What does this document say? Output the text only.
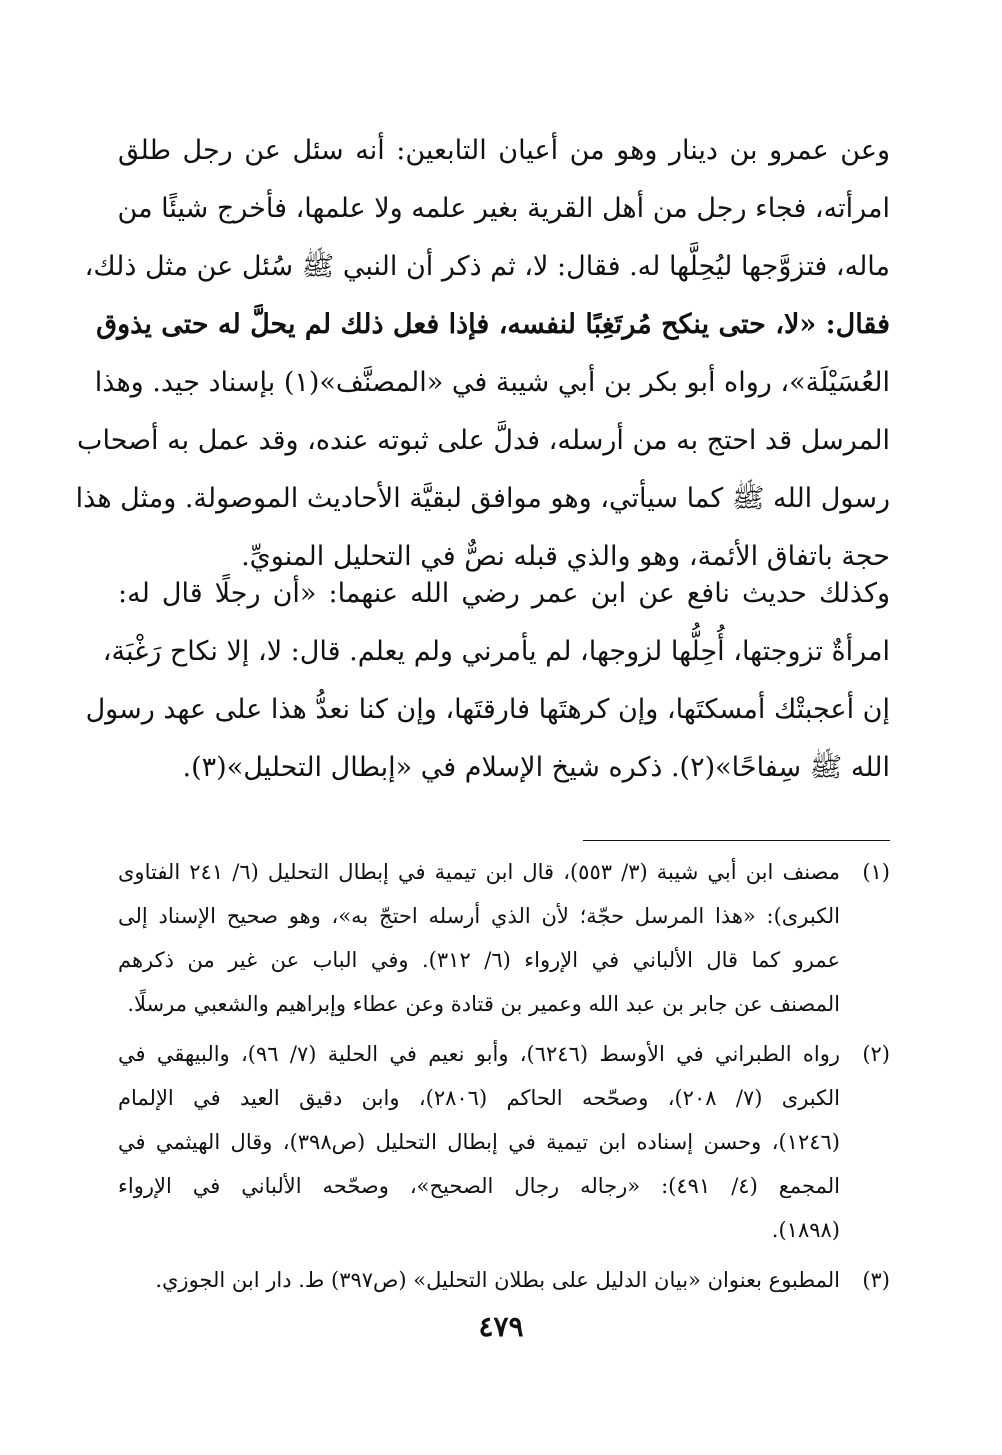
وعن عمرو بن دينار وهو من أعيان التابعين: أنه سئل عن رجل طلق
امرأته، فجاء رجل من أهل القرية بغير علمه ولا علمها، فأخرج شيئًا من
ماله، فتزوَّجها ليُحِلَّها له. فقال: لا، ثم ذكر أن النبي ﷺ سُئل عن مثل ذلك،
فقال: «لا، حتى ينكح مُرتَغِبًا لنفسه، فإذا فعل ذلك لم يحلَّ له حتى يذوق
العُسَيْلَة»، رواه أبو بكر بن أبي شيبة في «المصنَّف»(١) بإسناد جيد. وهذا
المرسل قد احتج به من أرسله، فدلَّ على ثبوته عنده، وقد عمل به أصحاب
رسول الله ﷺ كما سيأتي، وهو موافق لبقيَّة الأحاديث الموصولة. ومثل هذا
حجة باتفاق الأئمة، وهو والذي قبله نصٌّ في التحليل المنويِّ.
وكذلك حديث نافع عن ابن عمر رضي الله عنهما: «أن رجلًا قال له:
امرأةٌ تزوجتها، أُحِلُّها لزوجها، لم يأمرني ولم يعلم. قال: لا، إلا نكاح رَغْبَة،
إن أعجبتْك أمسكتَها، وإن كرهتَها فارقتَها، وإن كنا نعدُّ هذا على عهد رسول
الله ﷺ سِفاحًا»(٢). ذكره شيخ الإسلام في «إبطال التحليل»(٣).
(١)
مصنف ابن أبي شيبة (٣/ ٥٥٣)، قال ابن تيمية في إبطال التحليل (٦/ ٢٤١ الفتاوى
الكبرى): «هذا المرسل حجّة؛ لأن الذي أرسله احتجّ به»، وهو صحيح الإسناد إلى
عمرو كما قال الألباني في الإرواء (٦/ ٣١٢). وفي الباب عن غير من ذكرهم
المصنف عن جابر بن عبد الله وعمير بن قتادة وعن عطاء وإبراهيم والشعبي مرسلًا.
(٢)
رواه الطبراني في الأوسط (٦٢٤٦)، وأبو نعيم في الحلية (٧/ ٩٦)، والبيهقي في
الكبرى (٧/ ٢٠٨)، وصحّحه الحاكم (٢٨٠٦)، وابن دقيق العيد في الإلمام
(١٢٤٦)، وحسن إسناده ابن تيمية في إبطال التحليل (ص٣٩٨)، وقال الهيثمي في
المجمع (٤/ ٤٩١): «رجاله رجال الصحيح»، وصحّحه الألباني في الإرواء
(١٨٩٨).
(٣)
المطبوع بعنوان «بيان الدليل على بطلان التحليل» (ص٣٩٧) ط. دار ابن الجوزي.
٤٧٩
